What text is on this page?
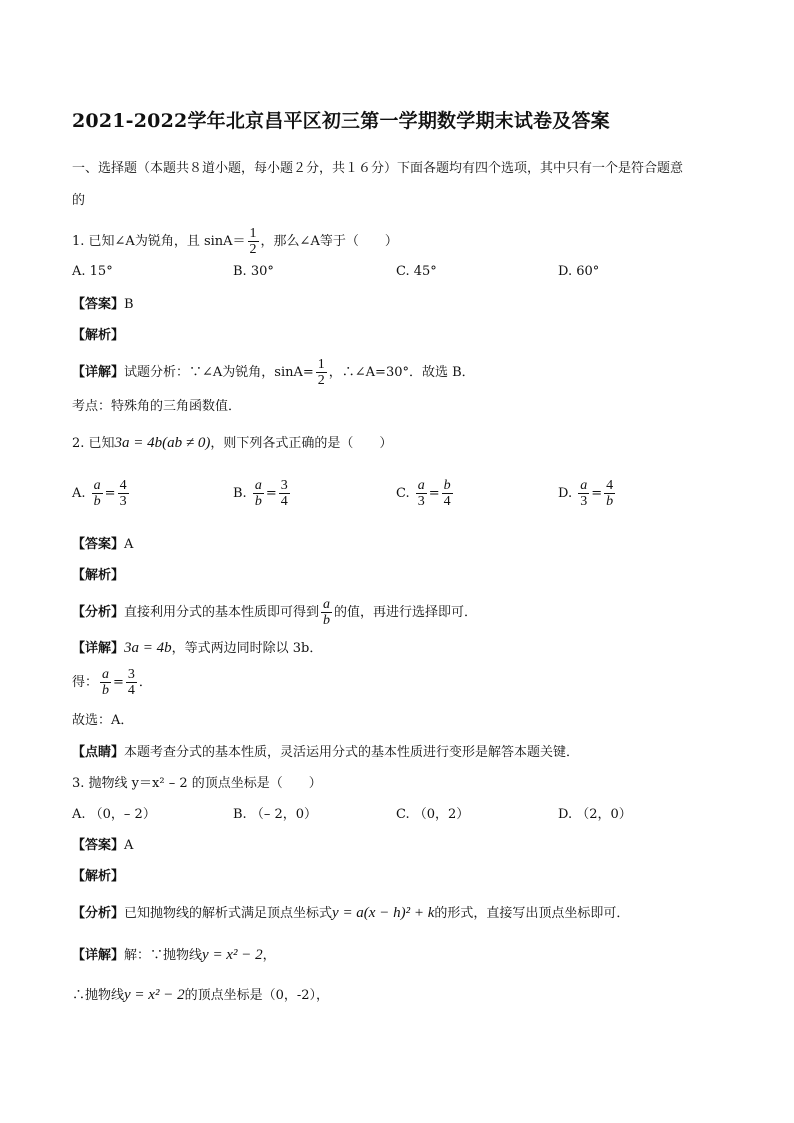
2021-2022学年北京昌平区初三第一学期数学期末试卷及答案
一、选择题（本题共８道小题，每小题２分，共１６分）下面各题均有四个选项，其中只有一个是符合题意
的
1. 已知∠A为锐角，且 $\sin A= \frac{1}{2}$ ，那么∠A等于（　　）
A. 15°	B. 30°	C. 45°	D. 60°
【答案】B
【解析】
【详解】试题分析：∵∠A为锐角，$\sin A= \frac{1}{2}$ ，∴∠A=30°．故选 B．
考点：特殊角的三角函数值．
2. 已知3a = 4b(ab ≠ 0)，则下列各式正确的是（　　）
A. $\frac{a}{b} = \frac{4}{3}$	B. $\frac{a}{b} = \frac{3}{4}$	C. $\frac{a}{3} = \frac{b}{4}$	D. $\frac{a}{3} = \frac{4}{b}$
【答案】A
【解析】
【分析】直接利用分式的基本性质即可得到 $\frac{a}{b}$ 的值，再进行选择即可．
【详解】3a = 4b，等式两边同时除以 3b．
得： $\frac{a}{b} = \frac{3}{4}$ ．
故选：A．
【点睛】本题考查分式的基本性质，灵活运用分式的基本性质进行变形是解答本题关键．
3. 抛物线 y＝x² – 2 的顶点坐标是（　　）
A. （0，– 2）	B. （– 2，0）	C. （0，2）	D. （2，0）
【答案】A
【解析】
【分析】已知抛物线的解析式满足顶点坐标式y = a(x − h)² + k的形式，直接写出顶点坐标即可．
【详解】解：∵抛物线y = x² − 2，
∴抛物线y = x² − 2的顶点坐标是（0，-2），
